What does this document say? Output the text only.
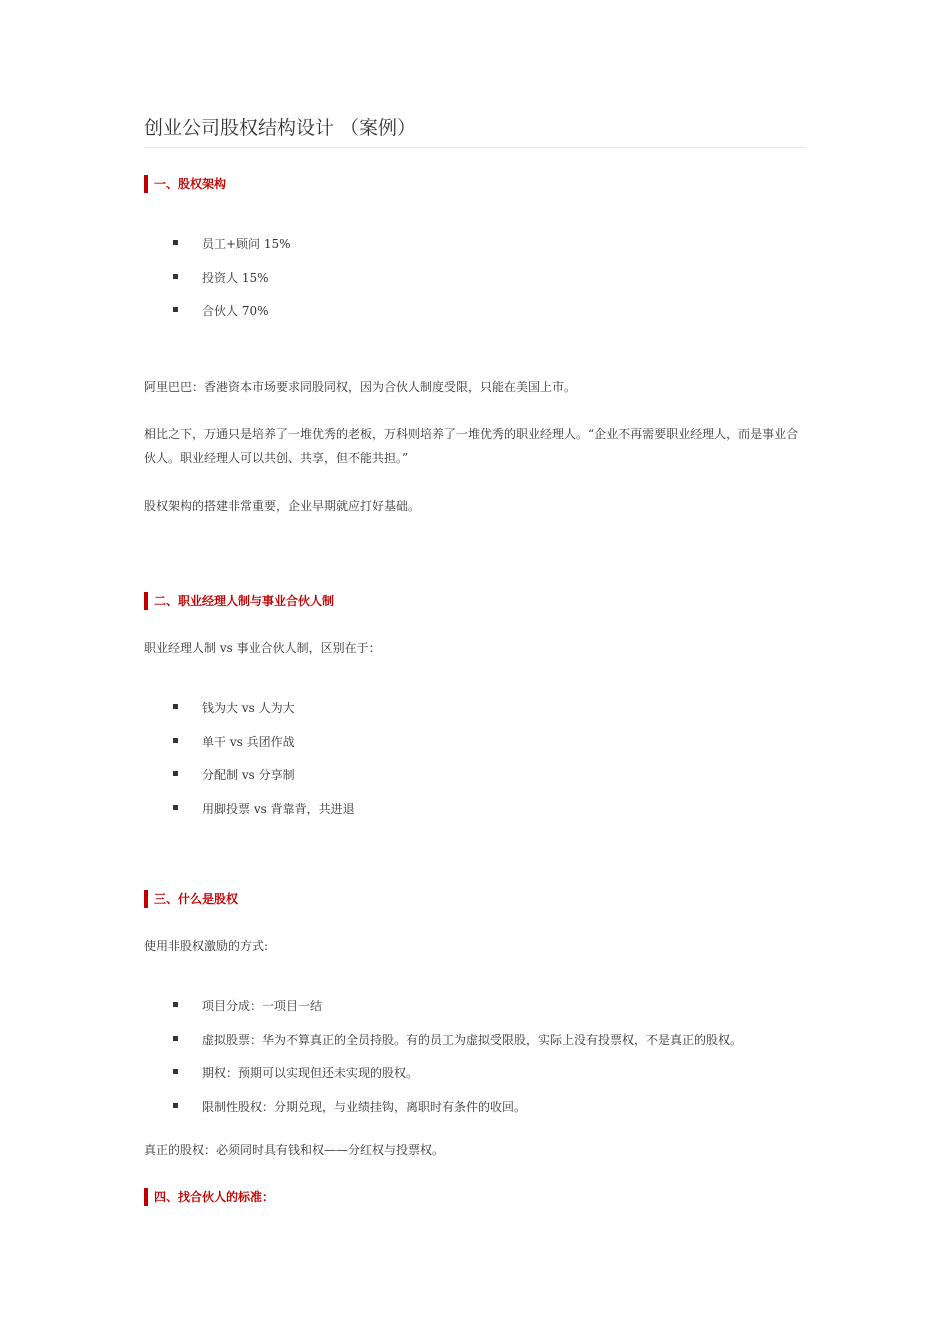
创业公司股权结构设计 （案例）
一、股权架构
员工+顾问 15%
投资人 15%
合伙人 70%
阿里巴巴：香港资本市场要求同股同权，因为合伙人制度受限，只能在美国上市。
相比之下，万通只是培养了一堆优秀的老板，万科则培养了一堆优秀的职业经理人。“企业不再需要职业经理人，而是事业合伙人。职业经理人可以共创、共享，但不能共担。”
股权架构的搭建非常重要，企业早期就应打好基础。
二、职业经理人制与事业合伙人制
职业经理人制 vs 事业合伙人制，区别在于：
钱为大 vs 人为大
单干 vs 兵团作战
分配制 vs 分享制
用脚投票 vs 背靠背，共进退
三、什么是股权
使用非股权激励的方式:
项目分成：一项目一结
虚拟股票：华为不算真正的全员持股。有的员工为虚拟受限股，实际上没有投票权，不是真正的股权。
期权：预期可以实现但还未实现的股权。
限制性股权：分期兑现，与业绩挂钩，离职时有条件的收回。
真正的股权：必须同时具有钱和权——分红权与投票权。
四、找合伙人的标准：
